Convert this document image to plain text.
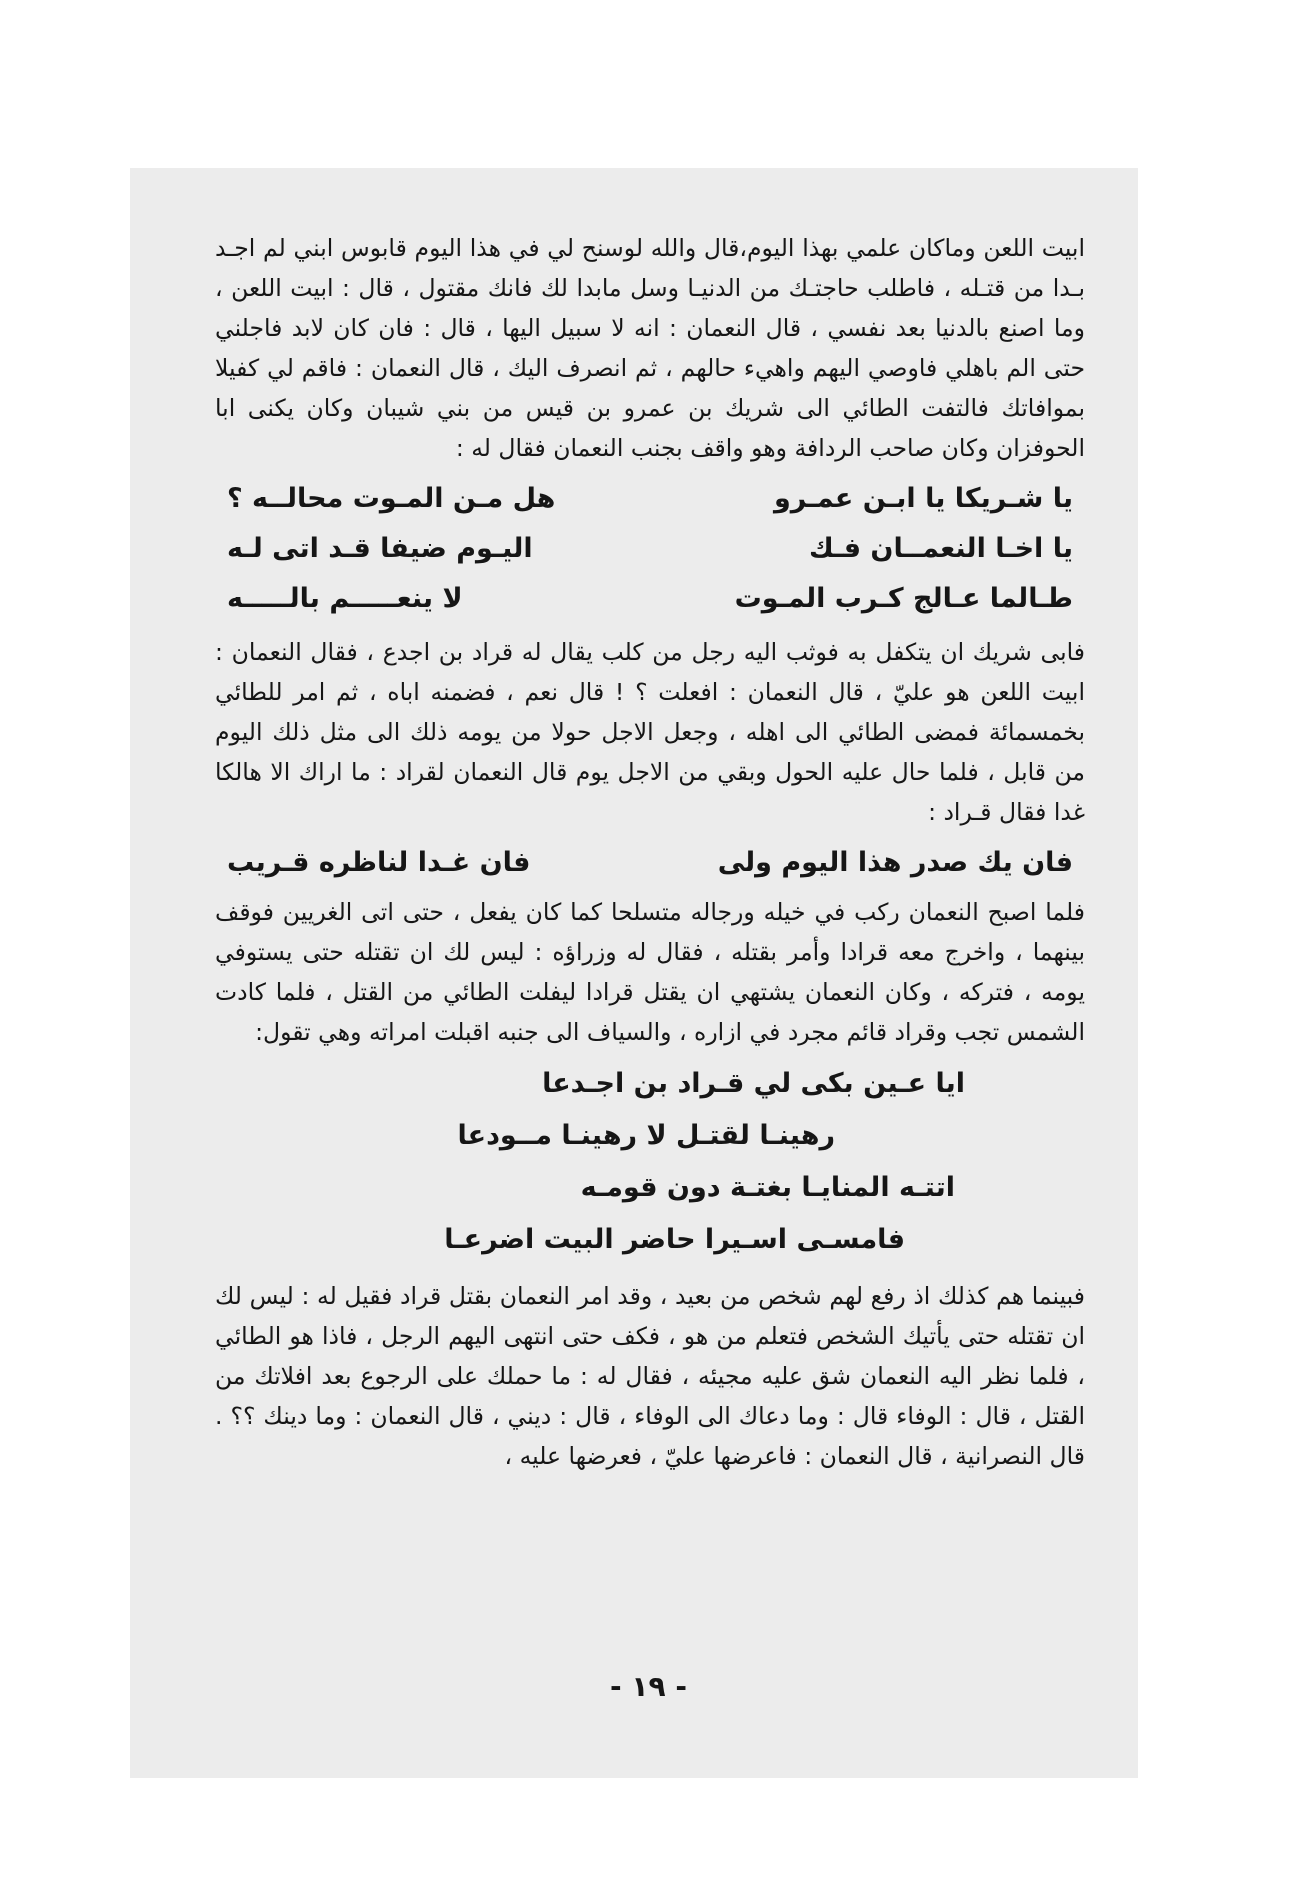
ابيت اللعن وماكان علمي بهذا اليوم،قال والله لوسنح لي في هذا اليوم قابوس ابني لم اجـد بـدا من قتـله ، فاطلب حاجتـك من الدنيـا وسل مابدا لك فانك مقتول ، قال : ابيت اللعن ، وما اصنع بالدنيا بعد نفسي ، قال النعمان : انه لا سبيل اليها ، قال : فان كان لابد فاجلني حتى الم باهلي فاوصي اليهم واهيء حالهم ، ثم انصرف اليك ، قال النعمان : فاقم لي كفيلا بموافاتك فالتفت الطائي الى شريك بن عمرو بن قيس من بني شيبان وكان يكنى ابا الحوفزان وكان صاحب الردافة وهو واقف بجنب النعمان فقال له :

يا شـريكا يا ابـن عمـرو
هل مـن المـوت محالــه ؟
يا اخـا النعمــان فـك
اليـوم ضيفا قـد اتى لـه
طـالما عـالج كـرب المـوت
لا ينعـــــم بالـــــه

فابى شريك ان يتكفل به فوثب اليه رجل من كلب يقال له قراد بن اجدع ، فقال النعمان : ابيت اللعن هو عليّ ، قال النعمان : افعلت ؟ ! قال نعم ، فضمنه اباه ، ثم امر للطائي بخمسمائة فمضى الطائي الى اهله ، وجعل الاجل حولا من يومه ذلك الى مثل ذلك اليوم من قابل ، فلما حال عليه الحول وبقي من الاجل يوم قال النعمان لقراد : ما اراك الا هالكا غدا فقال قـراد :

فان يك صدر هذا اليوم ولى
فان غـدا لناظره قـريب

فلما اصبح النعمان ركب في خيله ورجاله متسلحا كما كان يفعل ، حتى اتى الغريين فوقف بينهما ، واخرج معه قرادا وأمر بقتله ، فقال له وزراؤه : ليس لك ان تقتله حتى يستوفي يومه ، فتركه ، وكان النعمان يشتهي ان يقتل قرادا ليفلت الطائي من القتل ، فلما كادت الشمس تجب وقراد قائم مجرد في ازاره ، والسياف الى جنبه اقبلت امراته وهي تقول:

ايا عـين بكى لي قـراد بن اجـدعا
رهينـا لقتـل لا رهينـا مــودعا
اتتـه المنايـا بغتـة دون قومـه
فامسـى اسـيرا حاضر البيت اضرعـا

فبينما هم كذلك اذ رفع لهم شخص من بعيد ، وقد امر النعمان بقتل قراد فقيل له : ليس لك ان تقتله حتى يأتيك الشخص فتعلم من هو ، فكف حتى انتهى اليهم الرجل ، فاذا هو الطائي ، فلما نظر اليه النعمان شق عليه مجيئه ، فقال له : ما حملك على الرجوع بعد افلاتك من القتل ، قال : الوفاء قال : وما دعاك الى الوفاء ، قال : ديني ، قال النعمان : وما دينك ؟؟ . قال النصرانية ، قال النعمان : فاعرضها عليّ ، فعرضها عليه ،

- ١٩ -
